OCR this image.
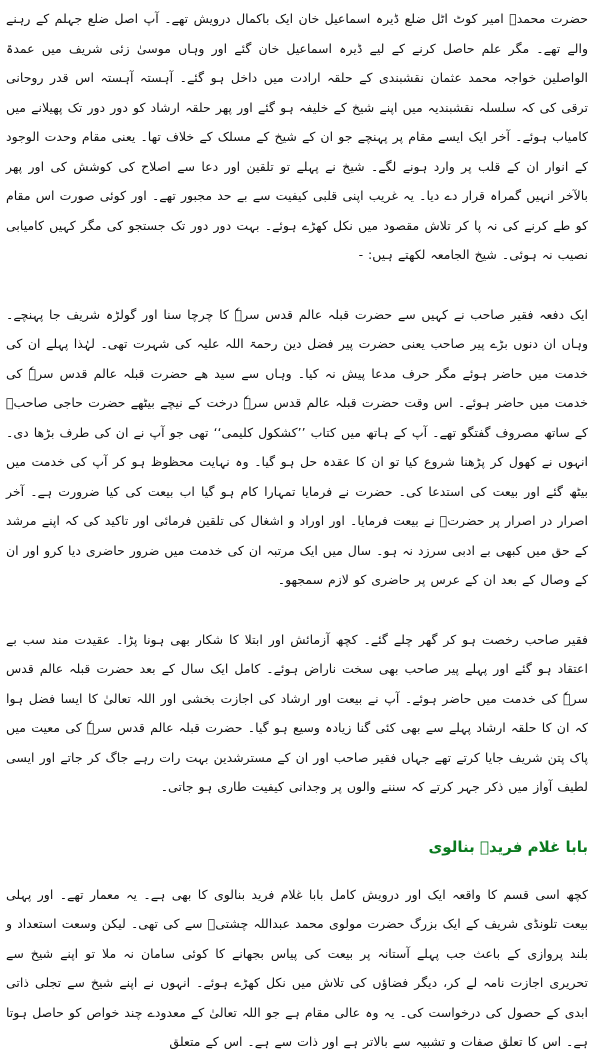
حضرت محمدؐ امیر کوٹ اٹل ضلع ڈیرہ اسماعیل خان ایک باکمال درویش تھے۔ آپ اصل ضلع جہلم کے رہنے والے تھے۔ مگر علم حاصل کرنے کے لیے ڈیرہ اسماعیل خان گئے اور وہاں موسیٰ زئی شریف میں عمدۃ الواصلین خواجہ محمد عثمان نقشبندی کے حلقہ ارادت میں داخل ہو گئے۔ آہستہ آہستہ اس قدر روحانی ترقی کی کہ سلسلہ نقشبندیہ میں اپنے شیخ کے خلیفہ ہو گئے اور پھر حلقہ ارشاد کو دور دور تک پھیلانے میں کامیاب ہوئے۔ آخر ایک ایسے مقام پر پہنچے جو ان کے شیخ کے مسلک کے خلاف تھا۔ یعنی مقام وحدت الوجود کے انوار ان کے قلب پر وارد ہونے لگے۔ شیخ نے پہلے تو تلقین اور دعا سے اصلاح کی کوشش کی اور پھر بالآخر انہیں گمراہ قرار دے دیا۔ یہ غریب اپنی قلبی کیفیت سے بے حد مجبور تھے۔ اور کوئی صورت اس مقام کو طے کرنے کی نہ پا کر تلاش مقصود میں نکل کھڑے ہوئے۔ بہت دور دور تک جستجو کی مگر کہیں کامیابی نصیب نہ ہوئی۔ شیخ الجامعہ لکھتے ہیں: -

ایک دفعہ فقیر صاحب نے کہیں سے حضرت قبلہ عالم قدس سرہٗ کا چرچا سنا اور گولڑہ شریف جا پہنچے۔ وہاں ان دنوں بڑے پیر صاحب یعنی حضرت پیر فضل دین رحمۃ اللہ علیہ کی شہرت تھی۔ لہٰذا پہلے ان کی خدمت میں حاضر ہوئے مگر حرف مدعا پیش نہ کیا۔ وہاں سے سید ھے حضرت قبلہ عالم قدس سرہٗ کی خدمت میں حاضر ہوئے۔ اس وقت حضرت قبلہ عالم قدس سرہٗ درخت کے نیچے بیٹھے حضرت حاجی صاحبؒ کے ساتھ مصروف گفتگو تھے۔ آپ کے ہاتھ میں کتاب ’’کشکول کلیمی‘‘ تھی جو آپ نے ان کی طرف بڑھا دی۔ انہوں نے کھول کر پڑھنا شروع کیا تو ان کا عقدہ حل ہو گیا۔ وہ نہایت محظوظ ہو کر آپ کی خدمت میں بیٹھ گئے اور بیعت کی استدعا کی۔ حضرت نے فرمایا تمہارا کام ہو گیا اب بیعت کی کیا ضرورت ہے۔ آخر اصرار در اصرار پر حضرتؒ نے بیعت فرمایا۔ اور اوراد و اشغال کی تلقین فرمائی اور تاکید کی کہ اپنے مرشد کے حق میں کبھی بے ادبی سرزد نہ ہو۔ سال میں ایک مرتبہ ان کی خدمت میں ضرور حاضری دیا کرو اور ان کے وصال کے بعد ان کے عرس پر حاضری کو لازم سمجھو۔

فقیر صاحب رخصت ہو کر گھر چلے گئے۔ کچھ آزمائش اور ابتلا کا شکار بھی ہونا پڑا۔ عقیدت مند سب بے اعتقاد ہو گئے اور پہلے پیر صاحب بھی سخت ناراض ہوئے۔ کامل ایک سال کے بعد حضرت قبلہ عالم قدس سرہٗ کی خدمت میں حاضر ہوئے۔ آپ نے بیعت اور ارشاد کی اجازت بخشی اور اللہ تعالیٰ کا ایسا فضل ہوا کہ ان کا حلقہ ارشاد پہلے سے بھی کئی گنا زیادہ وسیع ہو گیا۔ حضرت قبلہ عالم قدس سرہٗ کی معیت میں پاک پتن شریف جایا کرتے تھے جہاں فقیر صاحب اور ان کے مسترشدین بہت رات رہے جاگ کر جاتے اور ایسی لطیف آواز میں ذکر جہر کرتے کہ سننے والوں پر وجدانی کیفیت طاری ہو جاتی۔

بابا غلام فریدؒ بنالوی

کچھ اسی قسم کا واقعہ ایک اور درویش کامل بابا غلام فرید بنالوی کا بھی ہے۔ یہ معمار تھے۔ اور پہلی بیعت تلونڈی شریف کے ایک بزرگ حضرت مولوی محمد عبداللہ چشتیؒ سے کی تھی۔ لیکن وسعت استعداد و بلند پروازی کے باعث جب پہلے آستانہ پر بیعت کی پیاس بجھانے کا کوئی سامان نہ ملا تو اپنے شیخ سے تحریری اجازت نامہ لے کر، دیگر فضاؤں کی تلاش میں نکل کھڑے ہوئے۔ انہوں نے اپنے شیخ سے تجلی ذاتی ابدی کے حصول کی درخواست کی۔ یہ وہ عالی مقام ہے جو اللہ تعالیٰ کے معدودے چند خواص کو حاصل ہوتا ہے۔ اس کا تعلق صفات و تشبیہ سے بالاتر ہے اور ذات سے ہے۔ اس کے متعلق
